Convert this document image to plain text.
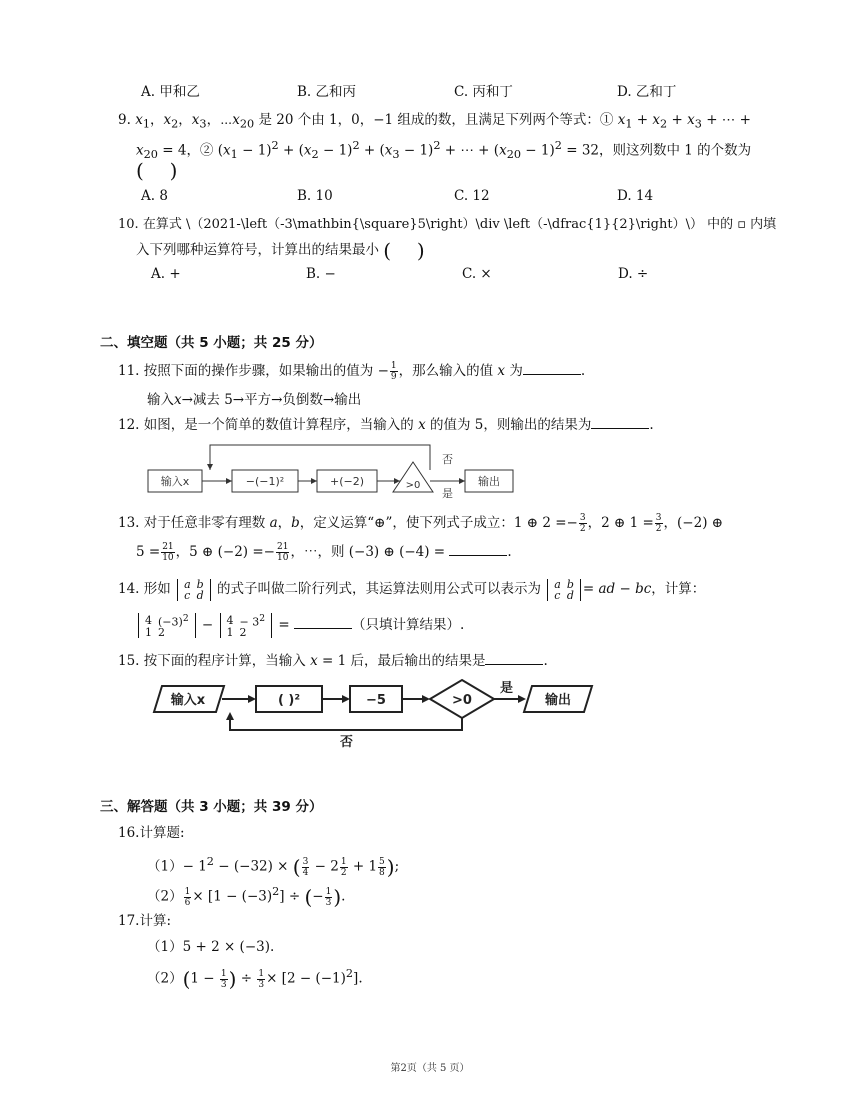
A. 甲和乙	B. 乙和丙	C. 丙和丁	D. 乙和丁
9. $x_1$，$x_2$，$x_3$，$\cdots x_{20}$ 是 20 个由 1，0，−1 组成的数，且满足下列两个等式：① $x_1 + x_2 + x_3$ + ⋯ +
$x_{20} = 4$，② $(x_1 - 1)^2 + (x_2 - 1)^2 + (x_3 - 1)^2$ + ⋯ + $(x_{20} - 1)^2 = 32$，则这列数中 1 的个数为
( )
A. 8	B. 10	C. 12	D. 14
10. 在算式 \（2021-\left（-3\mathbin{\square}5\right）\div \left（-\dfrac{1}{2}\right）\） 中的 ▫ 内填
入下列哪种运算符号，计算出的结果最小 ( )
A. +	B. −	C. ×	D. ÷
二、填空题（共 5 小题；共 25 分）
11. 按照下面的操作步骤，如果输出的值为 − $\frac{1}{9}$ ，那么输入的值 x 为	.
输入𝑥→减去 5→平方→负倒数→输出
12. 如图，是一个简单的数值计算程序，当输入的 x 的值为 5，则输出的结果为	.
输入x	−(−1)²	+(−2)	>0	输出
否
是
13. 对于任意非零有理数 𝑎，𝑏，定义运算“⊕”，使下列式子成立：1 ⊕ $2 =- \frac{3}{2}$ ，2 ⊕ $1 = \frac{3}{2}$ ，(−2) ⊕
$5 = \frac{21}{10}$ ，5 ⊕ $(-2) =- \frac{21}{10}$ ，⋯，则 (−3) ⊕ (−4) =	.
14. 形如 a	b
c	d 的式子叫做二阶行列式，其运算法则用公式可以表示为 a	b
c	d = 𝑎𝑑 − 𝑏𝑐，计算：
4	$(-3)^2$
1	2 − 4	− $3^2$
1	2 =	（只填计算结果）.
15. 按下面的程序计算，当输入 x = 1 后，最后输出的结果是	.
输入x	( )²	−5	>0	输出
是
否
三、解答题（共 3 小题；共 39 分）
16.计算题:
$(1)- 1^2 - (-32)$ × ( $\frac{3}{4} - 2 \frac{1}{2} + 1 \frac{5}{8}$ );
$(2) \frac{1}{6} \times [1 - (-3)^2]$ ÷ (− $\frac{1}{3}$ ).
17.计算:
（1）5 + 2 × (−3).
$(2)(1 - \frac{1}{3}$ ) ÷ $\frac{1}{3} \times [2 - (-1)^2]$.
第2页（共 5 页）
